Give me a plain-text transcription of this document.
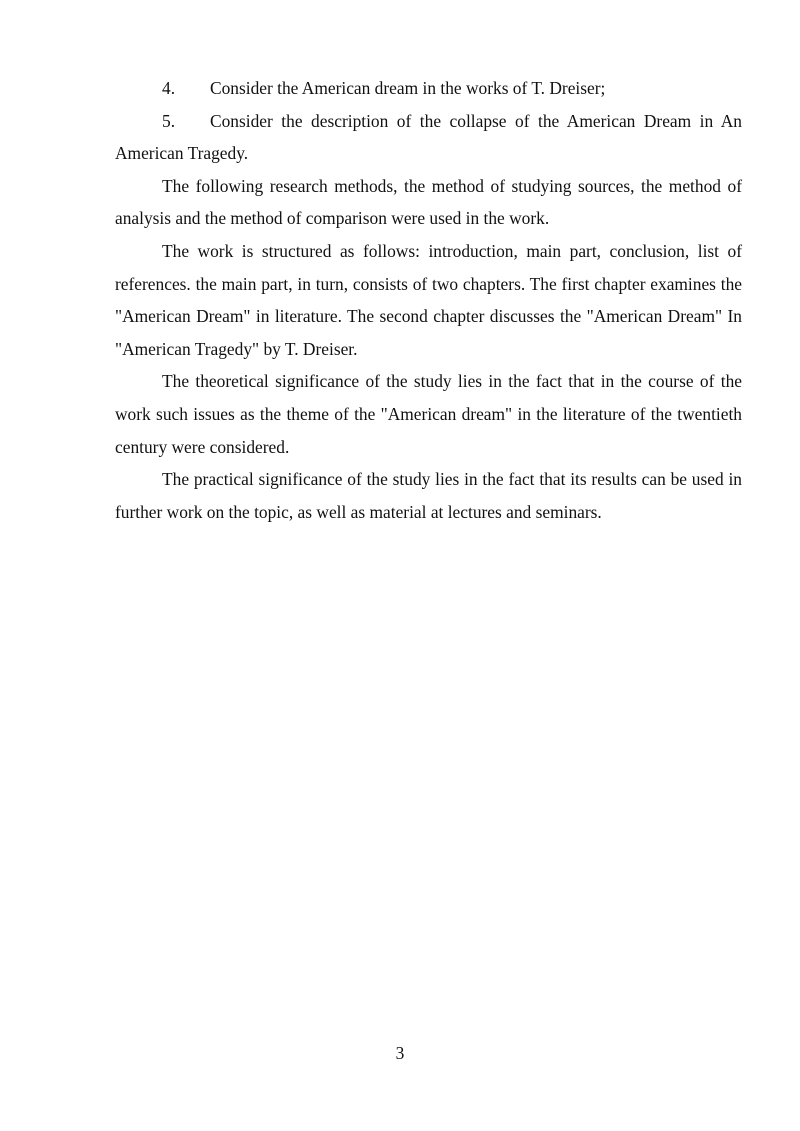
4. Consider the American dream in the works of T. Dreiser;

5. Consider the description of the collapse of the American Dream in An American Tragedy.

The following research methods, the method of studying sources, the method of analysis and the method of comparison were used in the work.

The work is structured as follows: introduction, main part, conclusion, list of references. the main part, in turn, consists of two chapters. The first chapter examines the "American Dream" in literature. The second chapter discusses the "American Dream" In "American Tragedy" by T. Dreiser.

The theoretical significance of the study lies in the fact that in the course of the work such issues as the theme of the "American dream" in the literature of the twentieth century were considered.

The practical significance of the study lies in the fact that its results can be used in further work on the topic, as well as material at lectures and seminars.

3
